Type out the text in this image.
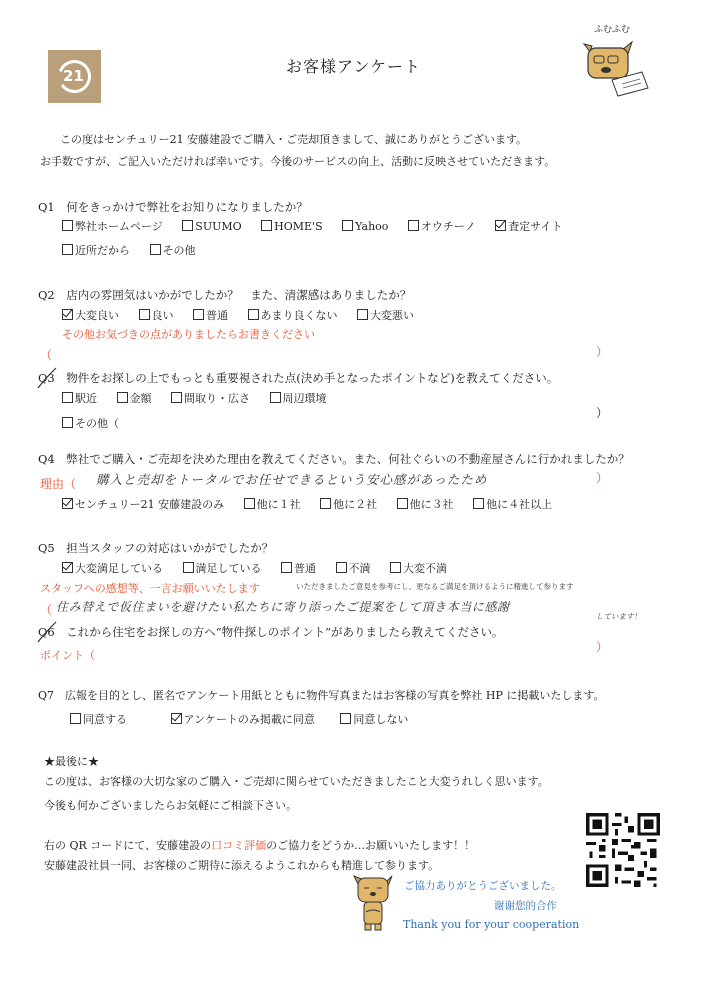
21	お客様アンケート
ふむふむ
この度はセンチュリー21 安藤建設でご購入・ご売却頂きまして、誠にありがとうございます。
お手数ですが、ご記入いただければ幸いです。今後のサービスの向上、活動に反映させていただきます。
Q1　何をきっかけで弊社をお知りになりましたか？
弊社ホームページ	SUUMO	HOME'S	Yahoo	オウチーノ	査定サイト
近所だから	その他
Q2　店内の雰囲気はいかがでしたか？　また、清潔感はありましたか？
大変良い	良い	普通	あまり良くない	大変悪い
その他お気づきの点がありましたらお書きください
（	）
Q3　物件をお探しの上でもっとも重要視された点(決め手となったポイントなど)を教えてください。
駅近	金額	間取り・広さ	周辺環境
その他（
）
Q4　弊社でご購入・ご売却を決めた理由を教えてください。また、何社ぐらいの不動産屋さんに行かれましたか？
理由（ 購入と売却をトータルでお任せできるという安心感があったため	）
センチュリー21 安藤建設のみ	他に１社	他に２社	他に３社	他に４社以上
Q5　担当スタッフの対応はいかがでしたか？
大変満足している	満足している	普通	不満	大変不満
スタッフへの感想等、一言お願いいたします	いただきましたご意見を参考にし、更なるご満足を頂けるように精進して参ります
（ 住み替えで仮住まいを避けたい私たちに寄り添ったご提案をして頂き本当に感謝
しています！
Q6　これから住宅をお探しの方へ“物件探しのポイント”がありましたら教えてください。
ポイント（
）
Q7　広報を目的とし、匿名でアンケート用紙とともに物件写真またはお客様の写真を弊社 HP に掲載いたします。
同意する	アンケートのみ掲載に同意	同意しない
★最後に★
この度は、お客様の大切な家のご購入・ご売却に関らせていただきましたこと大変うれしく思います。
今後も何かございましたらお気軽にご相談下さい。
右の QR コードにて、安藤建設の口コミ評価のご協力をどうか…お願いいたします！！
安藤建設社員一同、お客様のご期待に添えるようこれからも精進して参ります。
ご協力ありがとうございました。
谢谢您的合作
Thank you for your cooperation
